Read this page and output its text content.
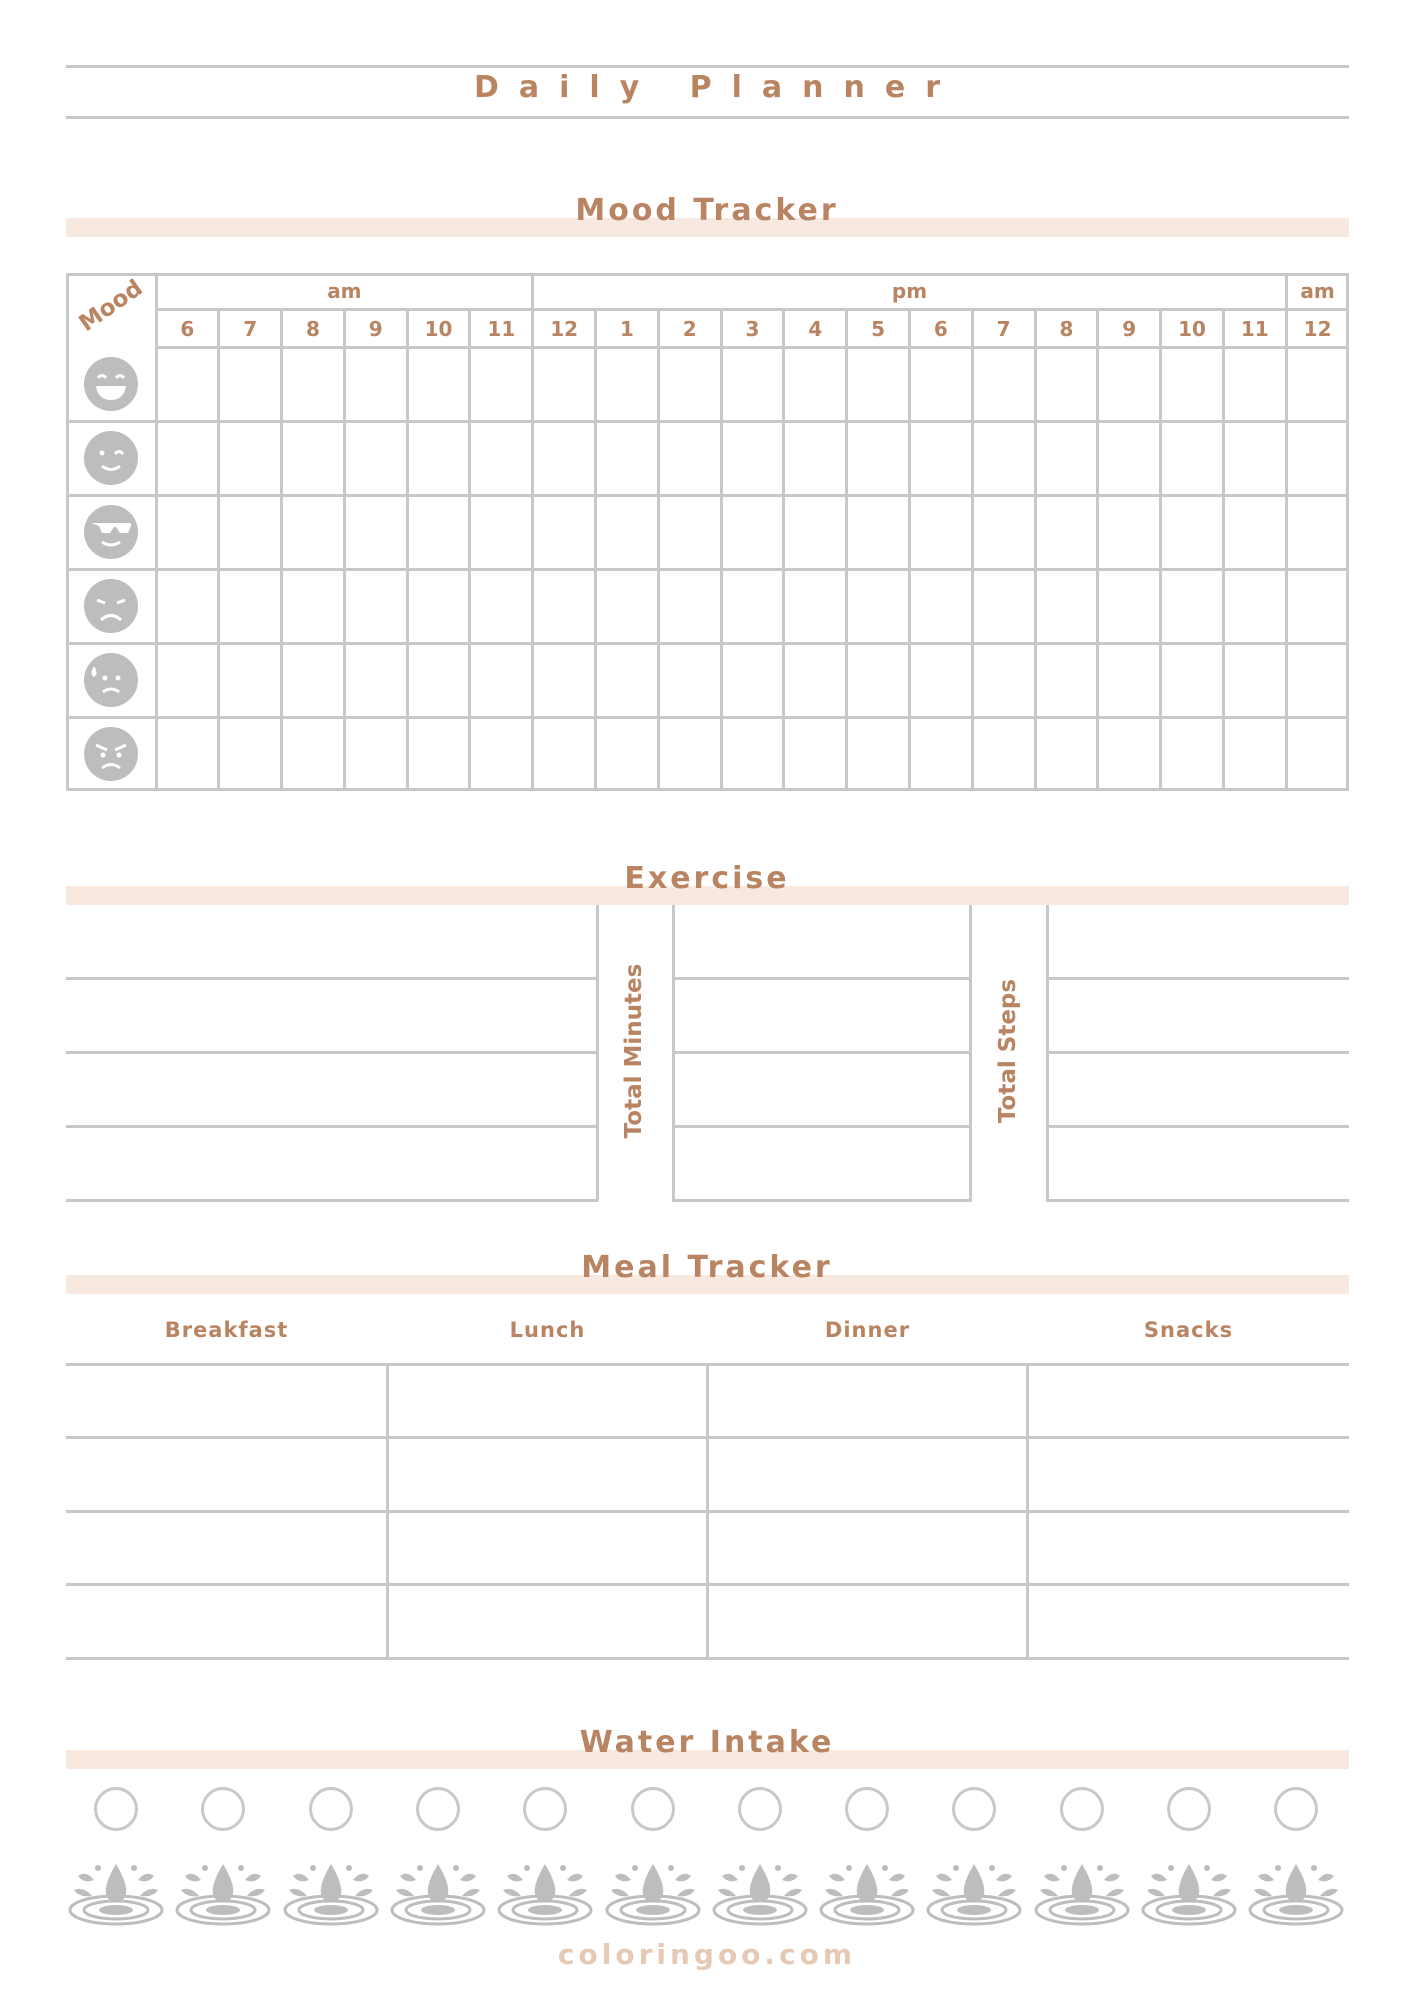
Daily Planner
Mood Tracker
Exercise
Meal Tracker
Breakfast	Lunch	Dinner	Snacks
Water Intake
coloringoo.com
am	pm	am
6	7	8	9	10	11	12	1	2	3	4	5	6	7	8	9	10	11	12
Mood
Total Minutes	Total Steps
